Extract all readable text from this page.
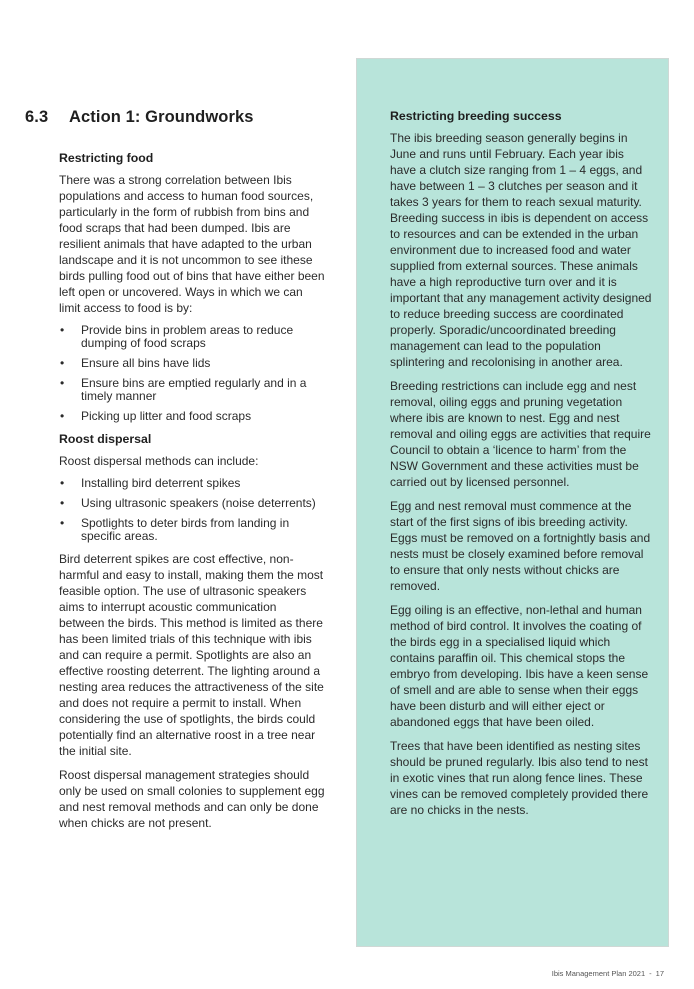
6.3 Action 1: Groundworks
Restricting food

There was a strong correlation between Ibis populations and access to human food sources, particularly in the form of rubbish from bins and food scraps that had been dumped. Ibis are resilient animals that have adapted to the urban landscape and it is not uncommon to see ithese birds pulling food out of bins that have either been left open or uncovered. Ways in which we can limit access to food is by:

• Provide bins in problem areas to reduce dumping of food scraps
• Ensure all bins have lids
• Ensure bins are emptied regularly and in a timely manner
• Picking up litter and food scraps
Roost dispersal

Roost dispersal methods can include:

• Installing bird deterrent spikes
• Using ultrasonic speakers (noise deterrents)
• Spotlights to deter birds from landing in specific areas.

Bird deterrent spikes are cost effective, non-harmful and easy to install, making them the most feasible option. The use of ultrasonic speakers aims to interrupt acoustic communication between the birds. This method is limited as there has been limited trials of this technique with ibis and can require a permit. Spotlights are also an effective roosting deterrent. The lighting around a nesting area reduces the attractiveness of the site and does not require a permit to install. When considering the use of spotlights, the birds could potentially find an alternative roost in a tree near the initial site.

Roost dispersal management strategies should only be used on small colonies to supplement egg and nest removal methods and can only be done when chicks are not present.

Restricting breeding success

The ibis breeding season generally begins in June and runs until February. Each year ibis have a clutch size ranging from 1 – 4 eggs, and have between 1 – 3 clutches per season and it takes 3 years for them to reach sexual maturity. Breeding success in ibis is dependent on access to resources and can be extended in the urban environment due to increased food and water supplied from external sources. These animals have a high reproductive turn over and it is important that any management activity designed to reduce breeding success are coordinated properly. Sporadic/uncoordinated breeding management can lead to the population splintering and recolonising in another area.

Breeding restrictions can include egg and nest removal, oiling eggs and pruning vegetation where ibis are known to nest. Egg and nest removal and oiling eggs are activities that require Council to obtain a ‘licence to harm’ from the NSW Government and these activities must be carried out by licensed personnel.

Egg and nest removal must commence at the start of the first signs of ibis breeding activity. Eggs must be removed on a fortnightly basis and nests must be closely examined before removal to ensure that only nests without chicks are removed.

Egg oiling is an effective, non-lethal and human method of bird control. It involves the coating of the birds egg in a specialised liquid which contains paraffin oil. This chemical stops the embryo from developing. Ibis have a keen sense of smell and are able to sense when their eggs have been disturb and will either eject or abandoned eggs that have been oiled.

Trees that have been identified as nesting sites should be pruned regularly. Ibis also tend to nest in exotic vines that run along fence lines. These vines can be removed completely provided there are no chicks in the nests.

Ibis Management Plan 2021 - 17
